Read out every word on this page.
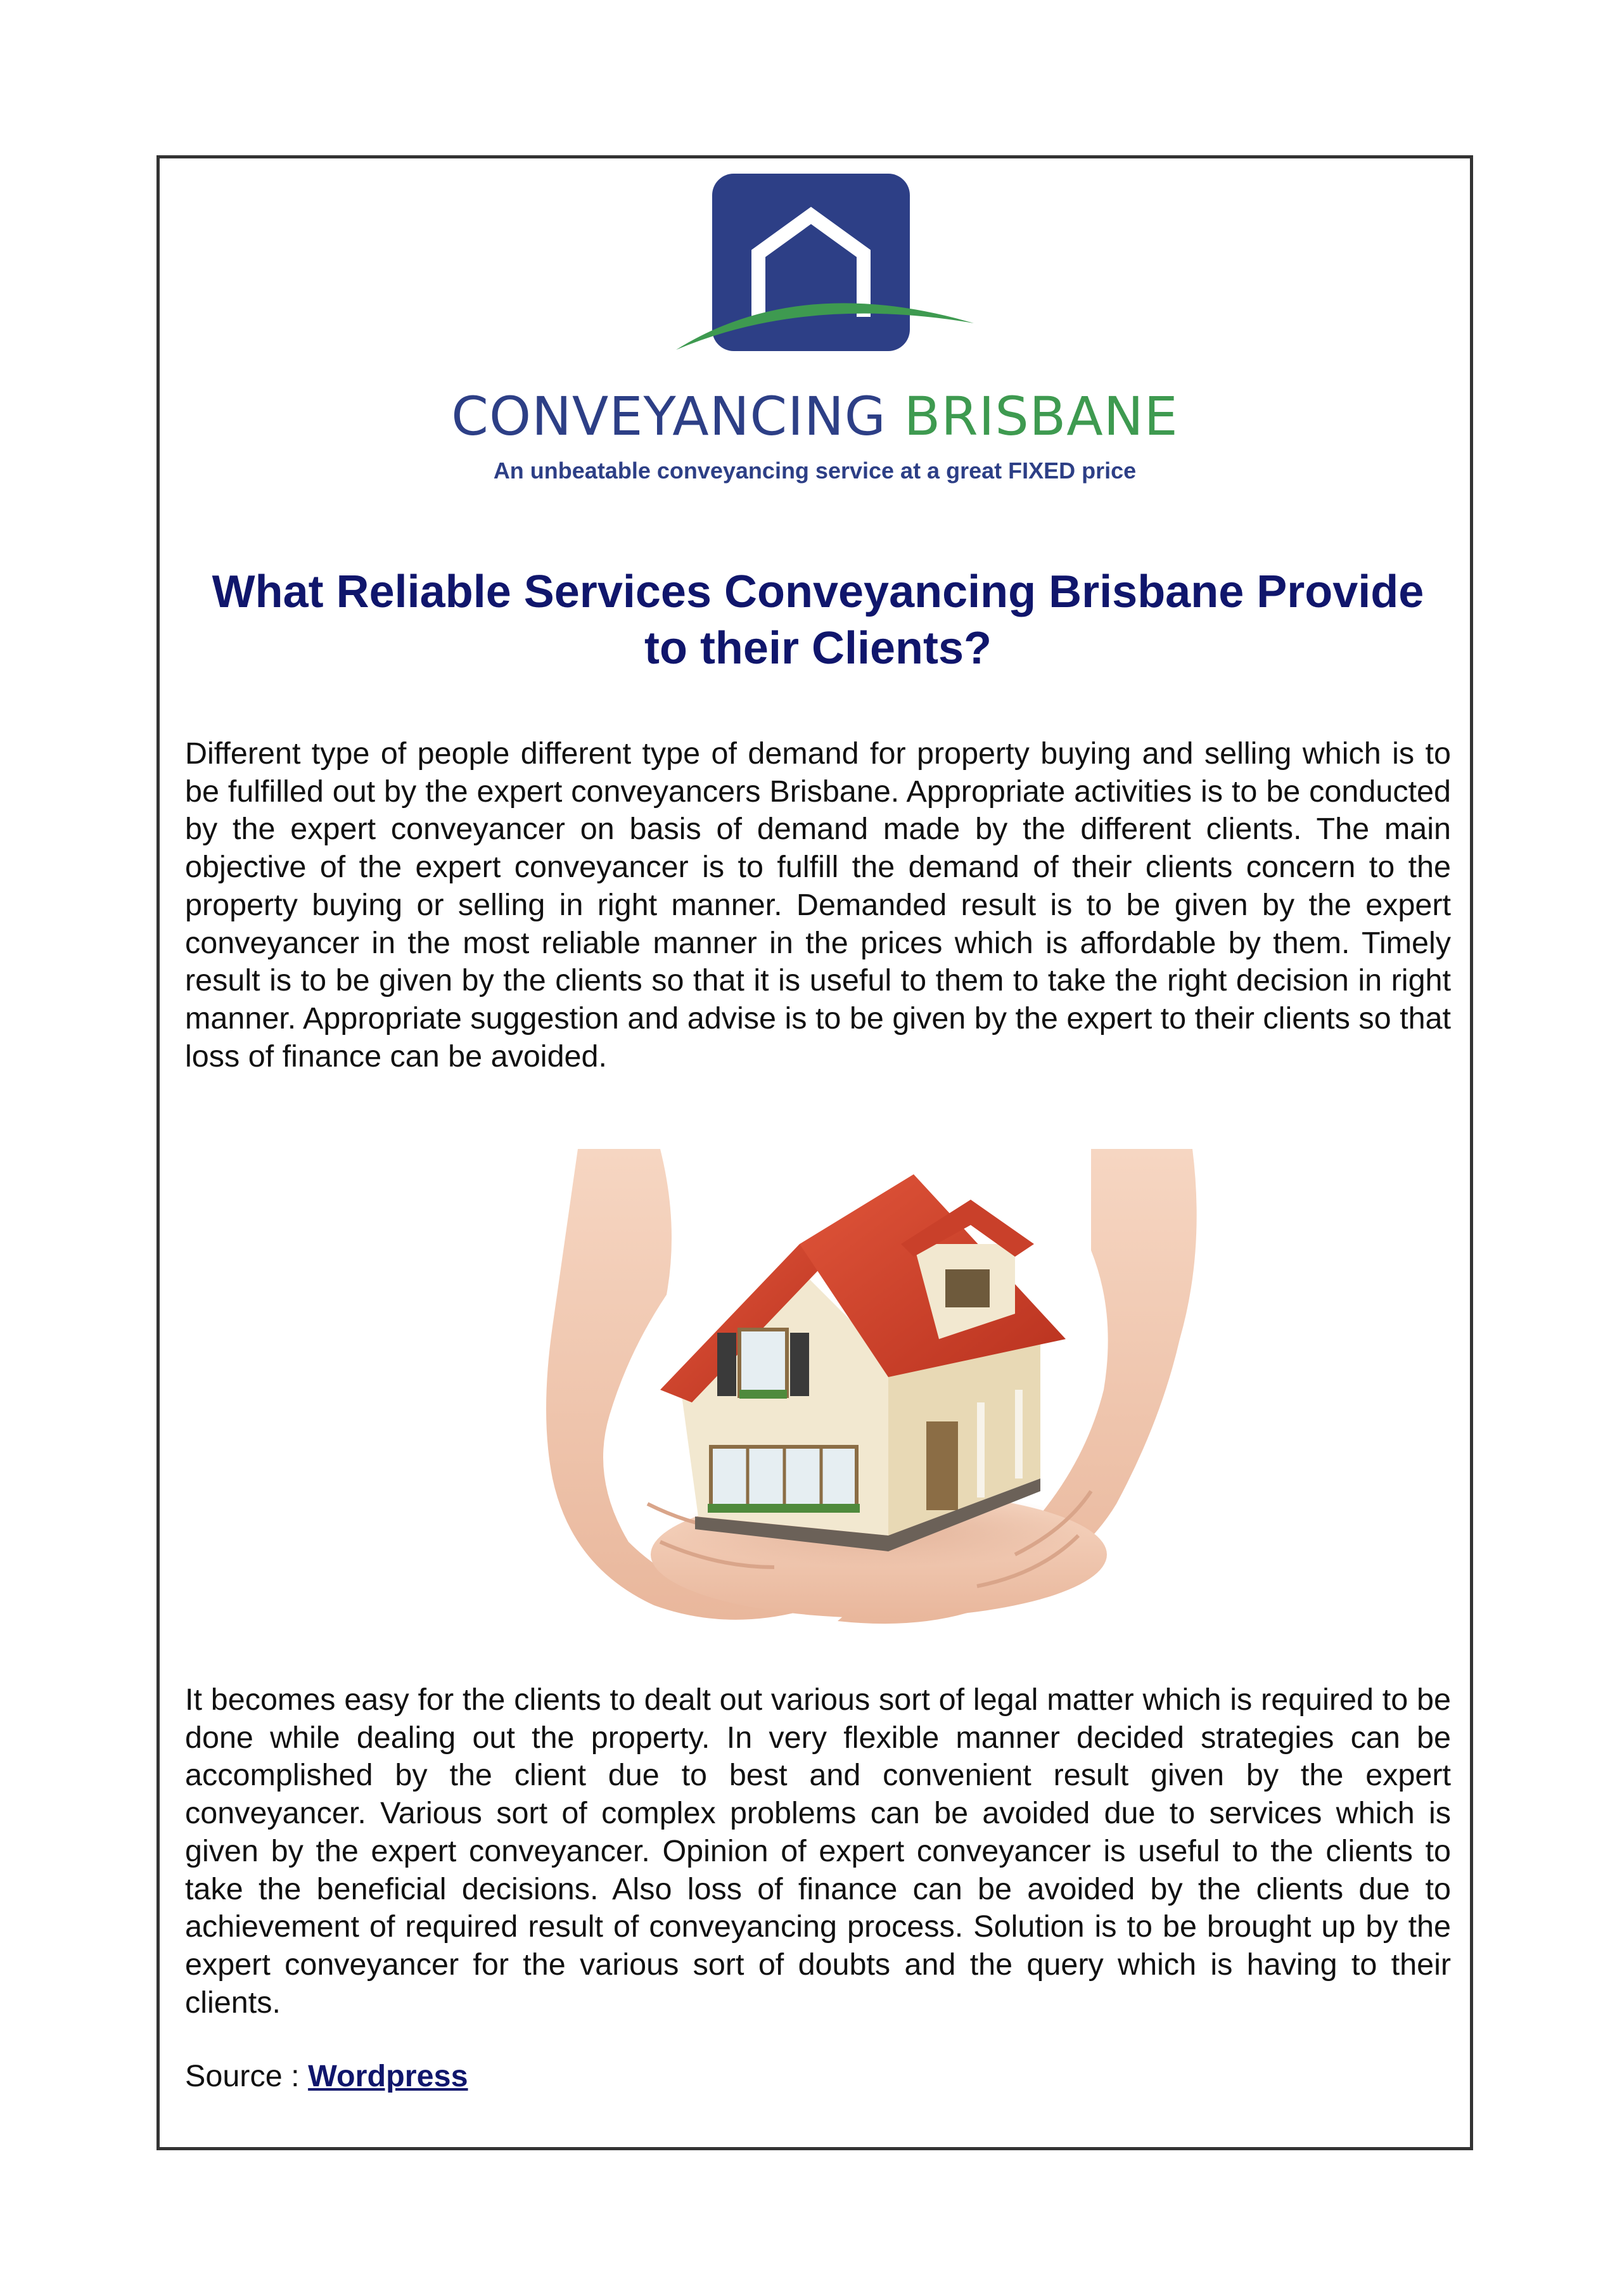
CONVEYANCING BRISBANE
An unbeatable conveyancing service at a great FIXED price
What Reliable Services Conveyancing Brisbane Provide to their Clients?

Different type of people different type of demand for property buying and selling which is to be fulfilled out by the expert conveyancers Brisbane. Appropriate activities is to be conducted by the expert conveyancer on basis of demand made by the different clients. The main objective of the expert conveyancer is to fulfill the demand of their clients concern to the property buying or selling in right manner. Demanded result is to be given by the expert conveyancer in the most reliable manner in the prices which is affordable by them. Timely result is to be given by the clients so that it is useful to them to take the right decision in right manner. Appropriate suggestion and advise is to be given by the expert to their clients so that loss of finance can be avoided.

It becomes easy for the clients to dealt out various sort of legal matter which is required to be done while dealing out the property. In very flexible manner decided strategies can be accomplished by the client due to best and convenient result given by the expert conveyancer. Various sort of complex problems can be avoided due to services which is given by the expert conveyancer. Opinion of expert conveyancer is useful to the clients to take the beneficial decisions. Also loss of finance can be avoided by the clients due to achievement of required result of conveyancing process. Solution is to be brought up by the expert conveyancer for the various sort of doubts and the query which is having to their clients.

Source : Wordpress
